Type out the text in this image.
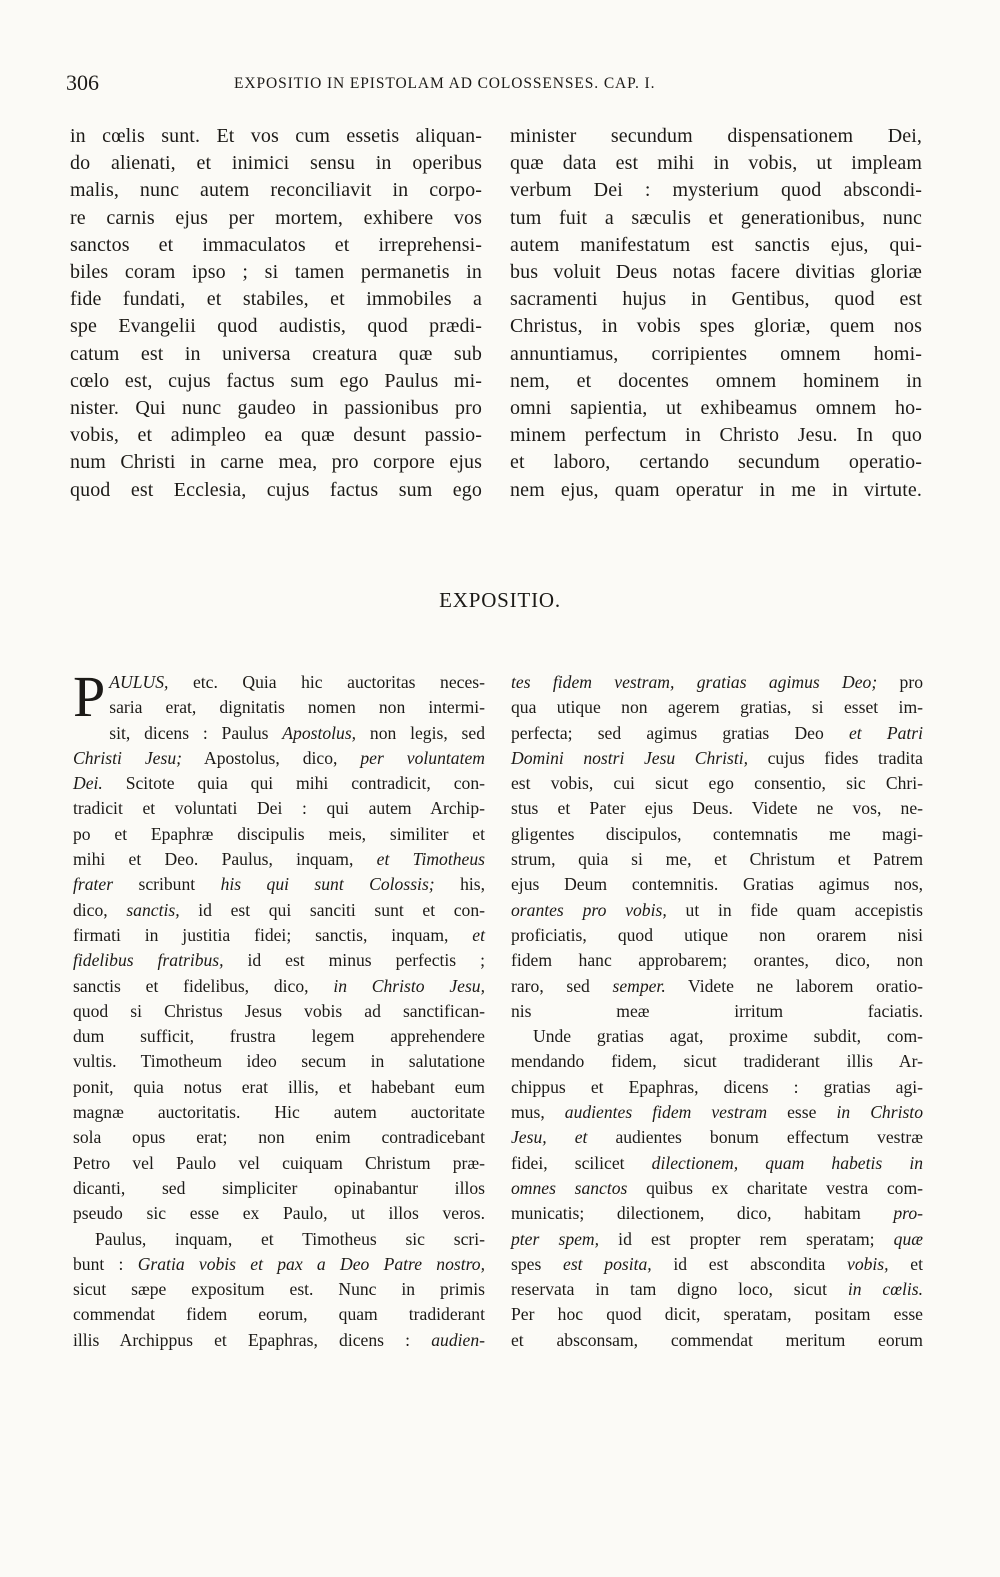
306	EXPOSITIO IN EPISTOLAM AD COLOSSENSES. CAP. I.

in cœlis sunt. Et vos cum essetis aliquan-
do alienati, et inimici sensu in operibus
malis, nunc autem reconciliavit in corpo-
re carnis ejus per mortem, exhibere vos
sanctos et immaculatos et irreprehensi-
biles coram ipso ; si tamen permanetis in
fide fundati, et stabiles, et immobiles a
spe Evangelii quod audistis, quod prædi-
catum est in universa creatura quæ sub
cœlo est, cujus factus sum ego Paulus mi-
nister. Qui nunc gaudeo in passionibus pro
vobis, et adimpleo ea quæ desunt passio-
num Christi in carne mea, pro corpore ejus
quod est Ecclesia, cujus factus sum ego

minister secundum dispensationem Dei,
quæ data est mihi in vobis, ut impleam
verbum Dei : mysterium quod abscondi-
tum fuit a sæculis et generationibus, nunc
autem manifestatum est sanctis ejus, qui-
bus voluit Deus notas facere divitias gloriæ
sacramenti hujus in Gentibus, quod est
Christus, in vobis spes gloriæ, quem nos
annuntiamus, corripientes omnem homi-
nem, et docentes omnem hominem in
omni sapientia, ut exhibeamus omnem ho-
minem perfectum in Christo Jesu. In quo
et laboro, certando secundum operatio-
nem ejus, quam operatur in me in virtute.

EXPOSITIO.

P AULUS, etc. Quia hic auctoritas neces-
saria erat, dignitatis nomen non intermi-
sit, dicens : Paulus Apostolus, non legis, sed
Christi Jesu; Apostolus, dico, per voluntatem
Dei. Scitote quia qui mihi contradicit, con-
tradicit et voluntati Dei : qui autem Archip-
po et Epaphræ discipulis meis, similiter et
mihi et Deo. Paulus, inquam, et Timotheus
frater scribunt his qui sunt Colossis; his,
dico, sanctis, id est qui sanciti sunt et con-
firmati in justitia fidei; sanctis, inquam, et
fidelibus fratribus, id est minus perfectis ;
sanctis et fidelibus, dico, in Christo Jesu,
quod si Christus Jesus vobis ad sanctifican-
dum sufficit, frustra legem apprehendere
vultis. Timotheum ideo secum in salutatione
ponit, quia notus erat illis, et habebant eum
magnæ auctoritatis. Hic autem auctoritate
sola opus erat; non enim contradicebant
Petro vel Paulo vel cuiquam Christum præ-
dicanti, sed simpliciter opinabantur illos
pseudo sic esse ex Paulo, ut illos veros.

Paulus, inquam, et Timotheus sic scri-
bunt : Gratia vobis et pax a Deo Patre nostro,
sicut sæpe expositum est. Nunc in primis
commendat fidem eorum, quam tradiderant
illis Archippus et Epaphras, dicens : audien-

tes fidem vestram, gratias agimus Deo; pro
qua utique non agerem gratias, si esset im-
perfecta; sed agimus gratias Deo et Patri
Domini nostri Jesu Christi, cujus fides tradita
est vobis, cui sicut ego consentio, sic Chri-
stus et Pater ejus Deus. Videte ne vos, ne-
gligentes discipulos, contemnatis me magi-
strum, quia si me, et Christum et Patrem
ejus Deum contemnitis. Gratias agimus nos,
orantes pro vobis, ut in fide quam accepistis
proficiatis, quod utique non orarem nisi
fidem hanc approbarem; orantes, dico, non
raro, sed semper. Videte ne laborem oratio-
nis meæ irritum faciatis.

Unde gratias agat, proxime subdit, com-
mendando fidem, sicut tradiderant illis Ar-
chippus et Epaphras, dicens : gratias agi-
mus, audientes fidem vestram esse in Christo
Jesu, et audientes bonum effectum vestræ
fidei, scilicet dilectionem, quam habetis in
omnes sanctos quibus ex charitate vestra com-
municatis; dilectionem, dico, habitam pro-
pter spem, id est propter rem speratam; quæ
spes est posita, id est abscondita vobis, et
reservata in tam digno loco, sicut in cœlis.
Per hoc quod dicit, speratam, positam esse
et absconsam, commendat meritum eorum
